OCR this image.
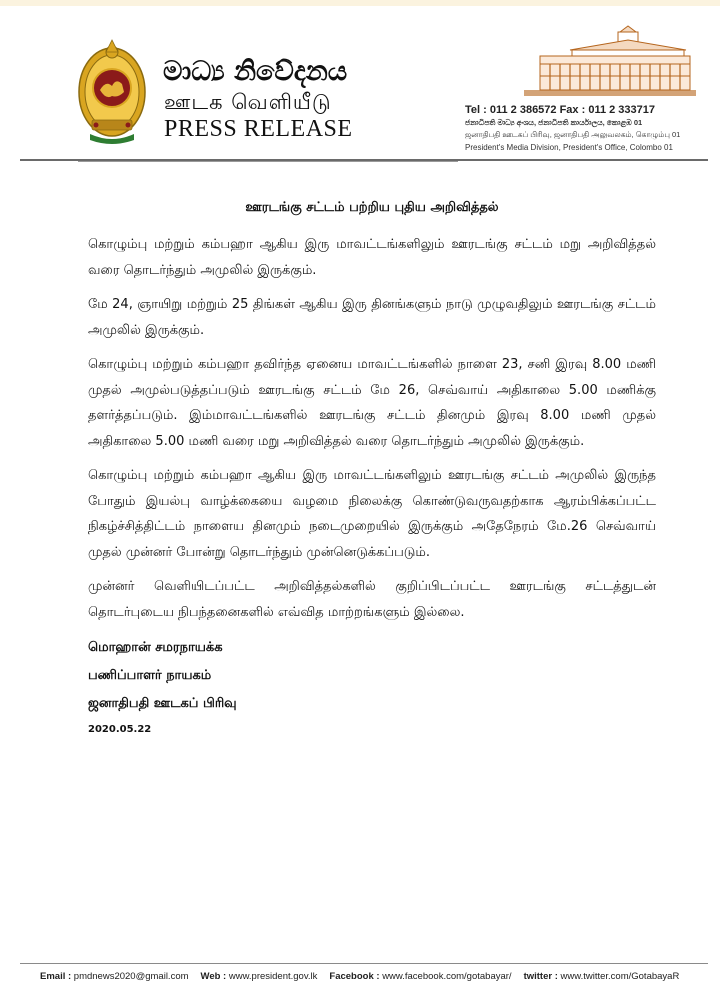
මාධ්‍ය නිවේදනය
ஊடக வெளியீடு
PRESS RELEASE
Tel : 011 2 386572 Fax : 011 2 333717
ජනාධිපති මාධ්‍ය අංශය, ජනාධිපති කාර්යාලය, කොළඹ 01
ஜனாதிபதி ஊடகப் பிரிவு, ஜனாதிபதி அலுவலகம், கொழும்பு 01
President's Media Division, President's Office, Colombo 01
ஊரடங்கு சட்டம் பற்றிய புதிய அறிவித்தல்

கொழும்பு மற்றும் கம்பஹா ஆகிய இரு மாவட்டங்களிலும் ஊரடங்கு சட்டம் மறு அறிவித்தல் வரை தொடர்ந்தும் அமுலில் இருக்கும்.

மே 24, ஞாயிறு மற்றும் 25 திங்கள் ஆகிய இரு தினங்களும் நாடு முழுவதிலும் ஊரடங்கு சட்டம் அமுலில் இருக்கும்.

கொழும்பு மற்றும் கம்பஹா தவிர்ந்த ஏனைய மாவட்டங்களில் நாளை 23, சனி இரவு 8.00 மணி முதல் அமுல்படுத்தப்படும் ஊரடங்கு சட்டம் மே 26, செவ்வாய் அதிகாலை 5.00 மணிக்கு தளர்த்தப்படும். இம்மாவட்டங்களில் ஊரடங்கு சட்டம் தினமும் இரவு 8.00 மணி முதல் அதிகாலை 5.00 மணி வரை மறு அறிவித்தல் வரை தொடர்ந்தும் அமுலில் இருக்கும்.

கொழும்பு மற்றும் கம்பஹா ஆகிய இரு மாவட்டங்களிலும் ஊரடங்கு சட்டம் அமுலில் இருந்த போதும் இயல்பு வாழ்க்கையை வழமை நிலைக்கு கொண்டுவருவதற்காக ஆரம்பிக்கப்பட்ட நிகழ்ச்சித்திட்டம் நாளைய தினமும் நடைமுறையில் இருக்கும் அதேநேரம் மே.26 செவ்வாய் முதல் முன்னர் போன்று தொடர்ந்தும் முன்னெடுக்கப்படும்.

முன்னர் வெளியிடப்பட்ட அறிவித்தல்களில் குறிப்பிடப்பட்ட ஊரடங்கு சட்டத்துடன் தொடர்புடைய நிபந்தனைகளில் எவ்வித மாற்றங்களும் இல்லை.

மொஹான் சமரநாயக்க
பணிப்பாளர் நாயகம்
ஜனாதிபதி ஊடகப் பிரிவு
2020.05.22
Email : pmdnews2020@gmail.com Web : www.president.gov.lk Facebook : www.facebook.com/gotabayar/ twitter : www.twitter.com/GotabayaR
